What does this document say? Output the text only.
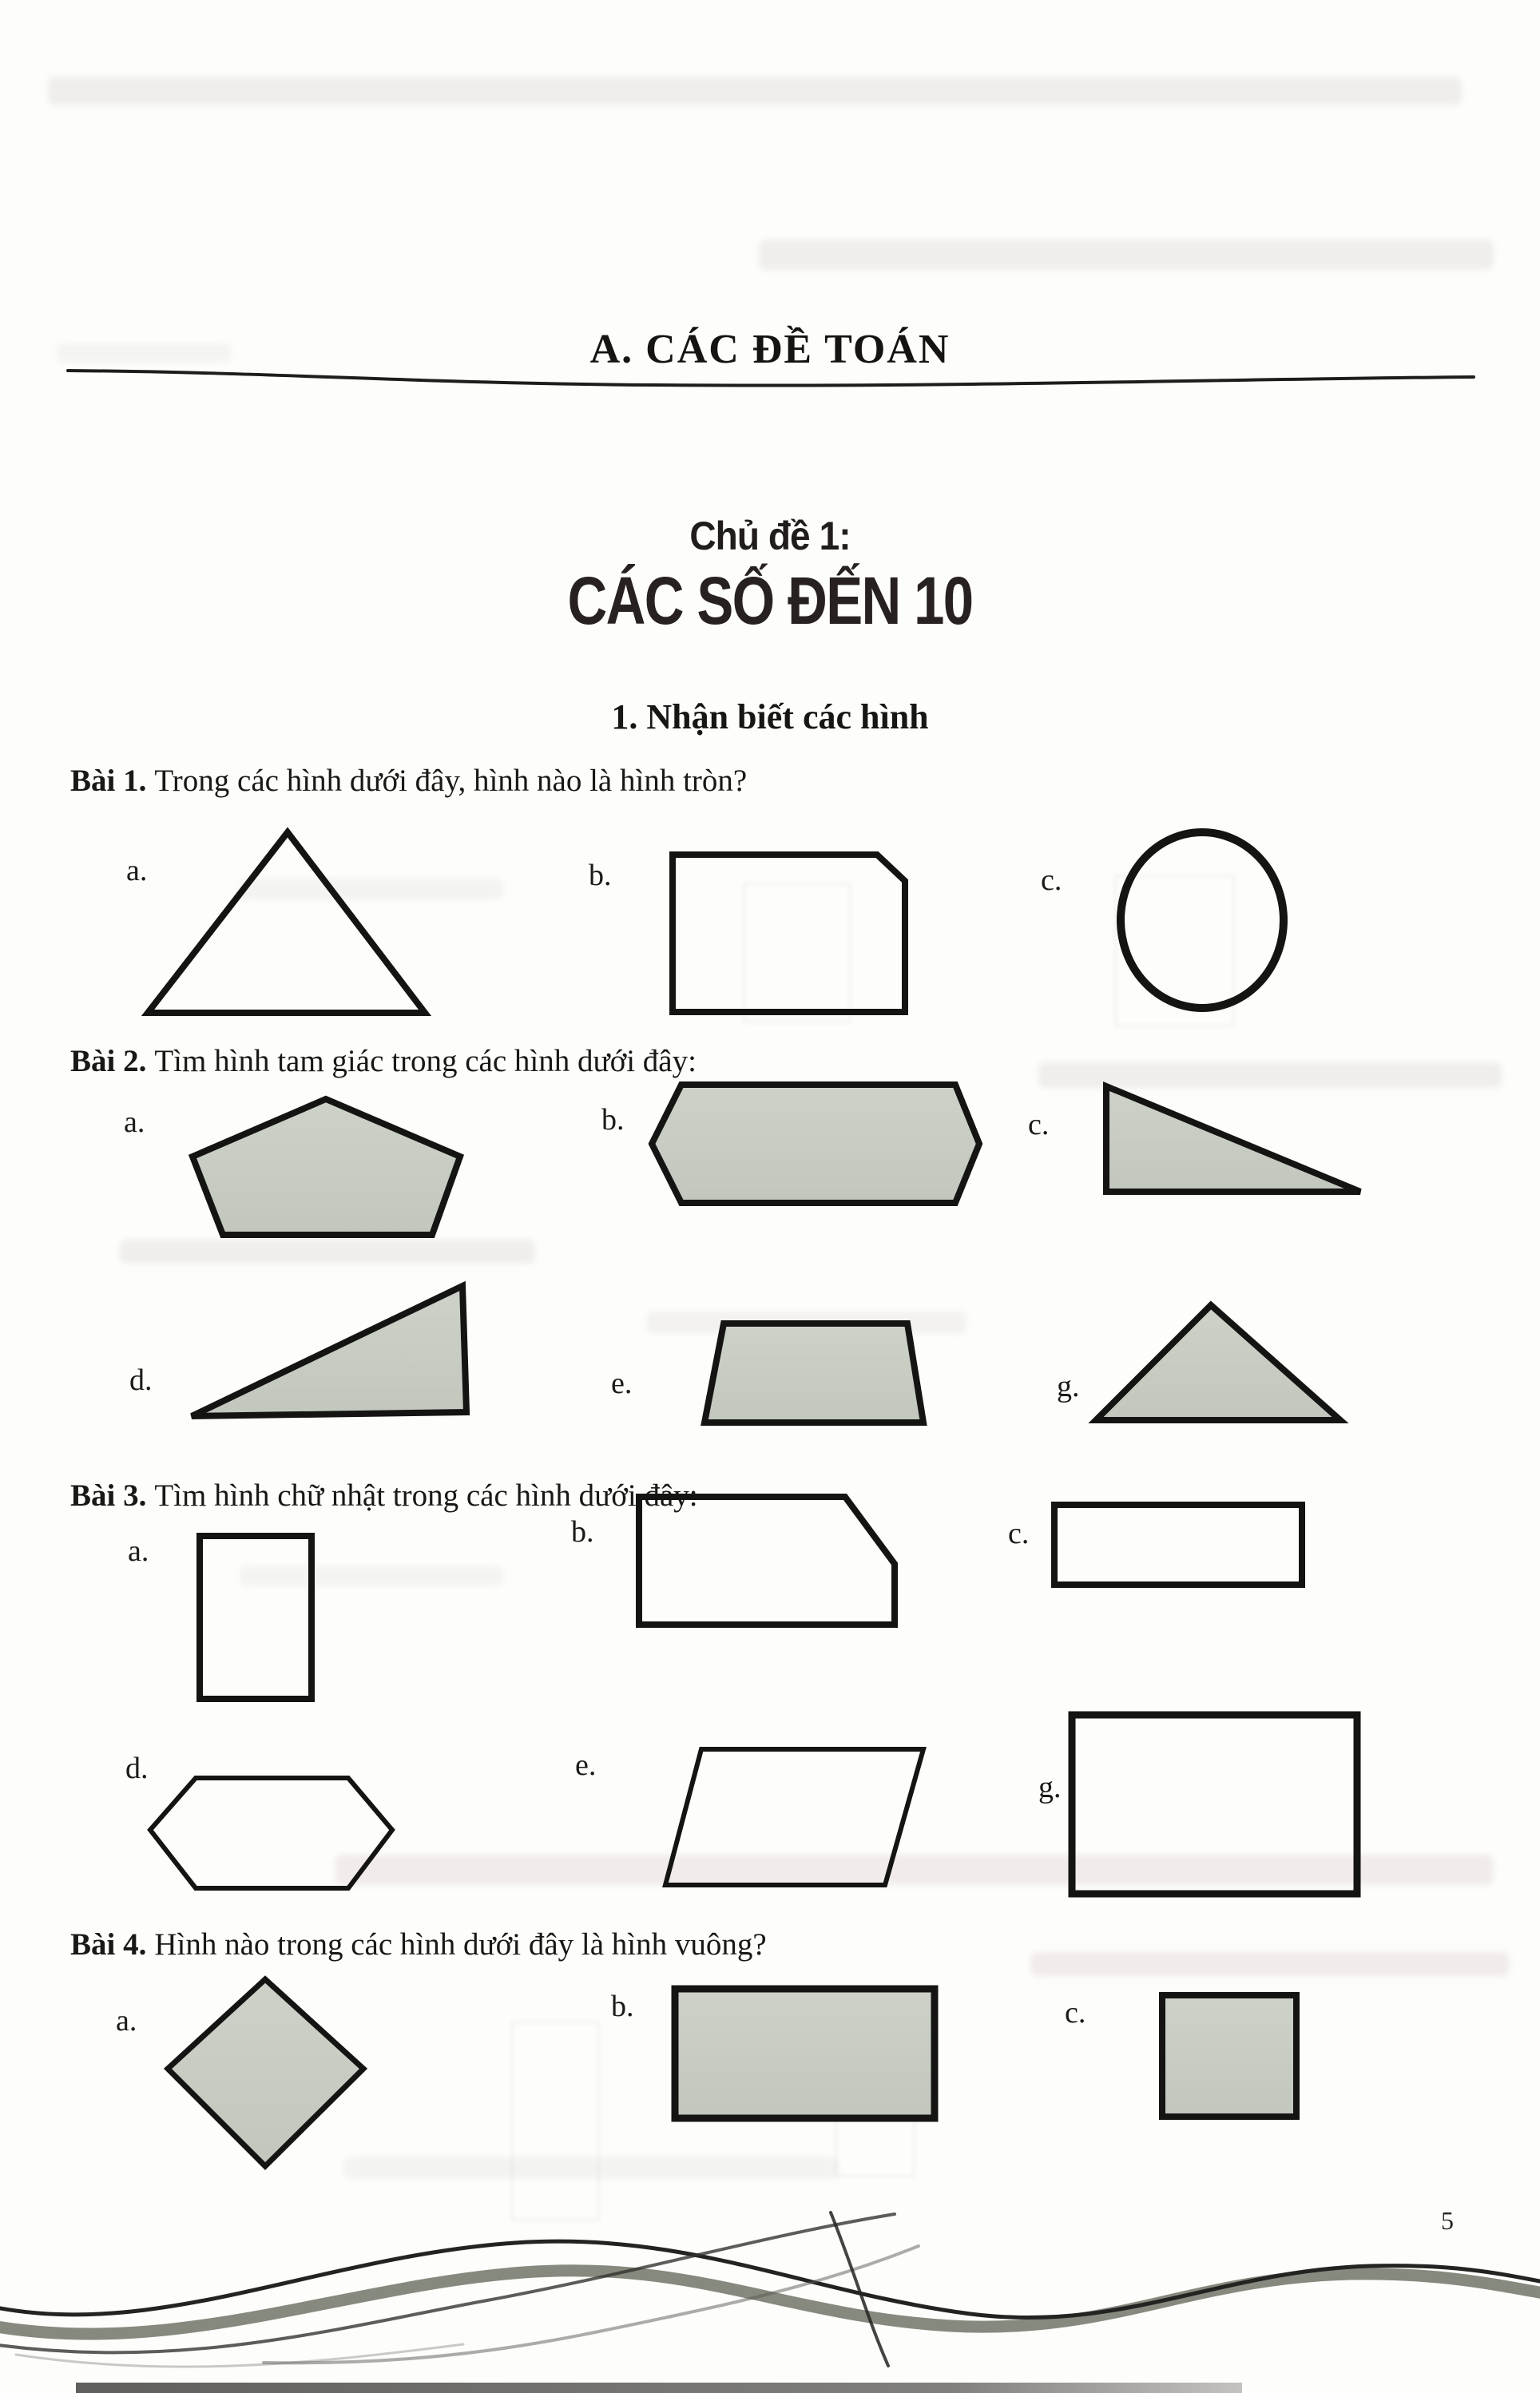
A. CÁC ĐỀ TOÁN
Chủ đề 1:
CÁC SỐ ĐẾN 10
1. Nhận biết các hình
Bài 1. Trong các hình dưới đây, hình nào là hình tròn?
Bài 2. Tìm hình tam giác trong các hình dưới đây:
Bài 3. Tìm hình chữ nhật trong các hình dưới đây:
Bài 4. Hình nào trong các hình dưới đây là hình vuông?
a.	b.	c.
a.	b.	c.
d.	e.	g.
a.
b.	c.
d.	e.
g.
a.	b.	c.
5
